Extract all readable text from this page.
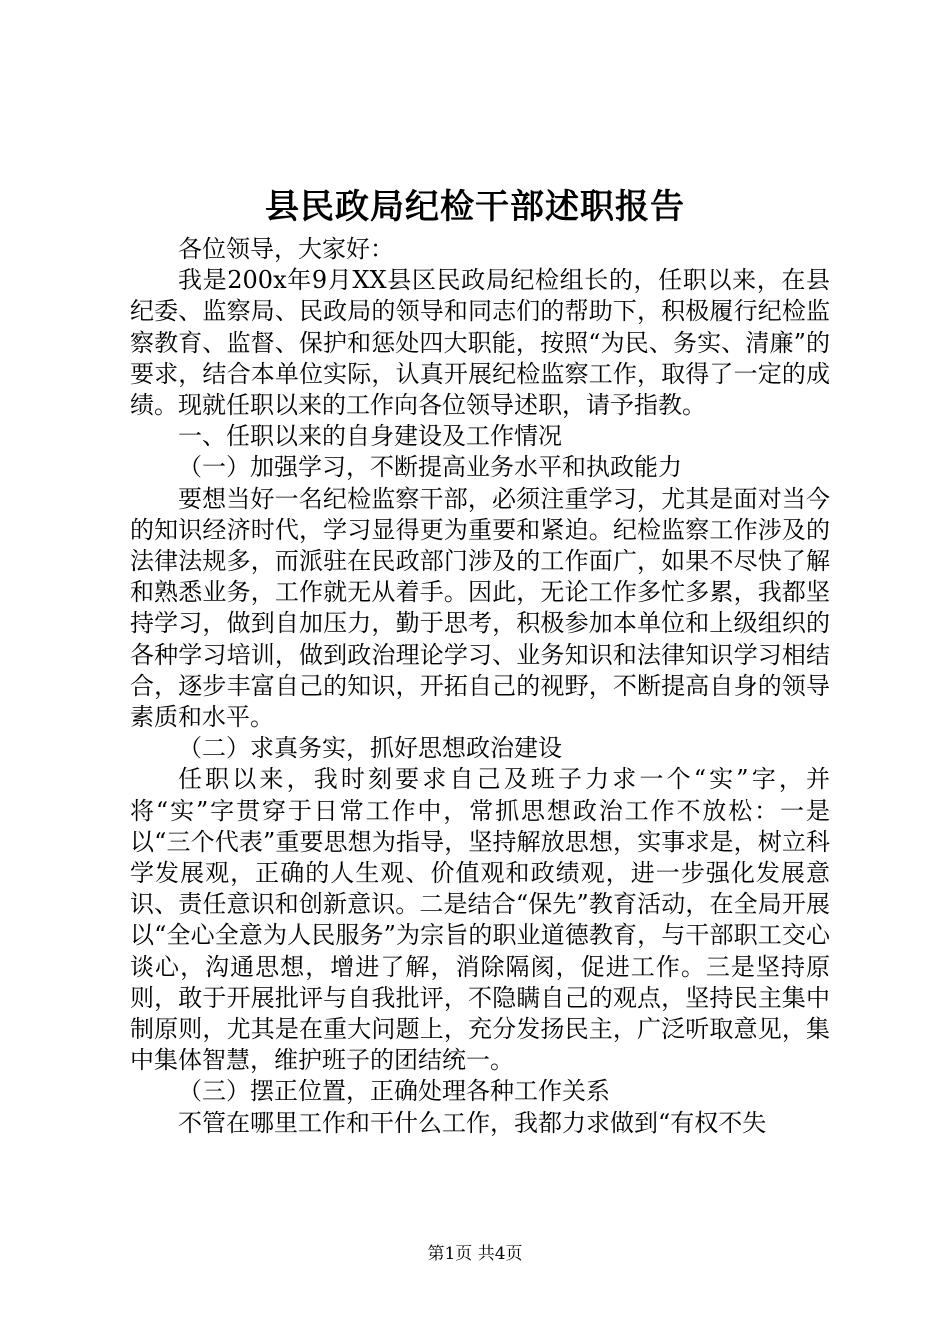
县民政局纪检干部述职报告

各位领导，大家好：

我是200x年9月XX县区民政局纪检组长的，任职以来，在县纪委、监察局、民政局的领导和同志们的帮助下，积极履行纪检监察教育、监督、保护和惩处四大职能，按照“为民、务实、清廉”的要求，结合本单位实际，认真开展纪检监察工作，取得了一定的成绩。现就任职以来的工作向各位领导述职，请予指教。

一、任职以来的自身建设及工作情况

（一）加强学习，不断提高业务水平和执政能力

要想当好一名纪检监察干部，必须注重学习，尤其是面对当今的知识经济时代，学习显得更为重要和紧迫。纪检监察工作涉及的法律法规多，而派驻在民政部门涉及的工作面广，如果不尽快了解和熟悉业务，工作就无从着手。因此，无论工作多忙多累，我都坚持学习，做到自加压力，勤于思考，积极参加本单位和上级组织的各种学习培训，做到政治理论学习、业务知识和法律知识学习相结合，逐步丰富自己的知识，开拓自己的视野，不断提高自身的领导素质和水平。

（二）求真务实，抓好思想政治建设

任职以来，我时刻要求自己及班子力求一个“实”字，并将“实”字贯穿于日常工作中，常抓思想政治工作不放松：一是以“三个代表”重要思想为指导，坚持解放思想，实事求是，树立科学发展观，正确的人生观、价值观和政绩观，进一步强化发展意识、责任意识和创新意识。二是结合“保先”教育活动，在全局开展以“全心全意为人民服务”为宗旨的职业道德教育，与干部职工交心谈心，沟通思想，增进了解，消除隔阂，促进工作。三是坚持原则，敢于开展批评与自我批评，不隐瞒自己的观点，坚持民主集中制原则，尤其是在重大问题上，充分发扬民主，广泛听取意见，集中集体智慧，维护班子的团结统一。

（三）摆正位置，正确处理各种工作关系

不管在哪里工作和干什么工作，我都力求做到“有权不失

第1页 共4页
